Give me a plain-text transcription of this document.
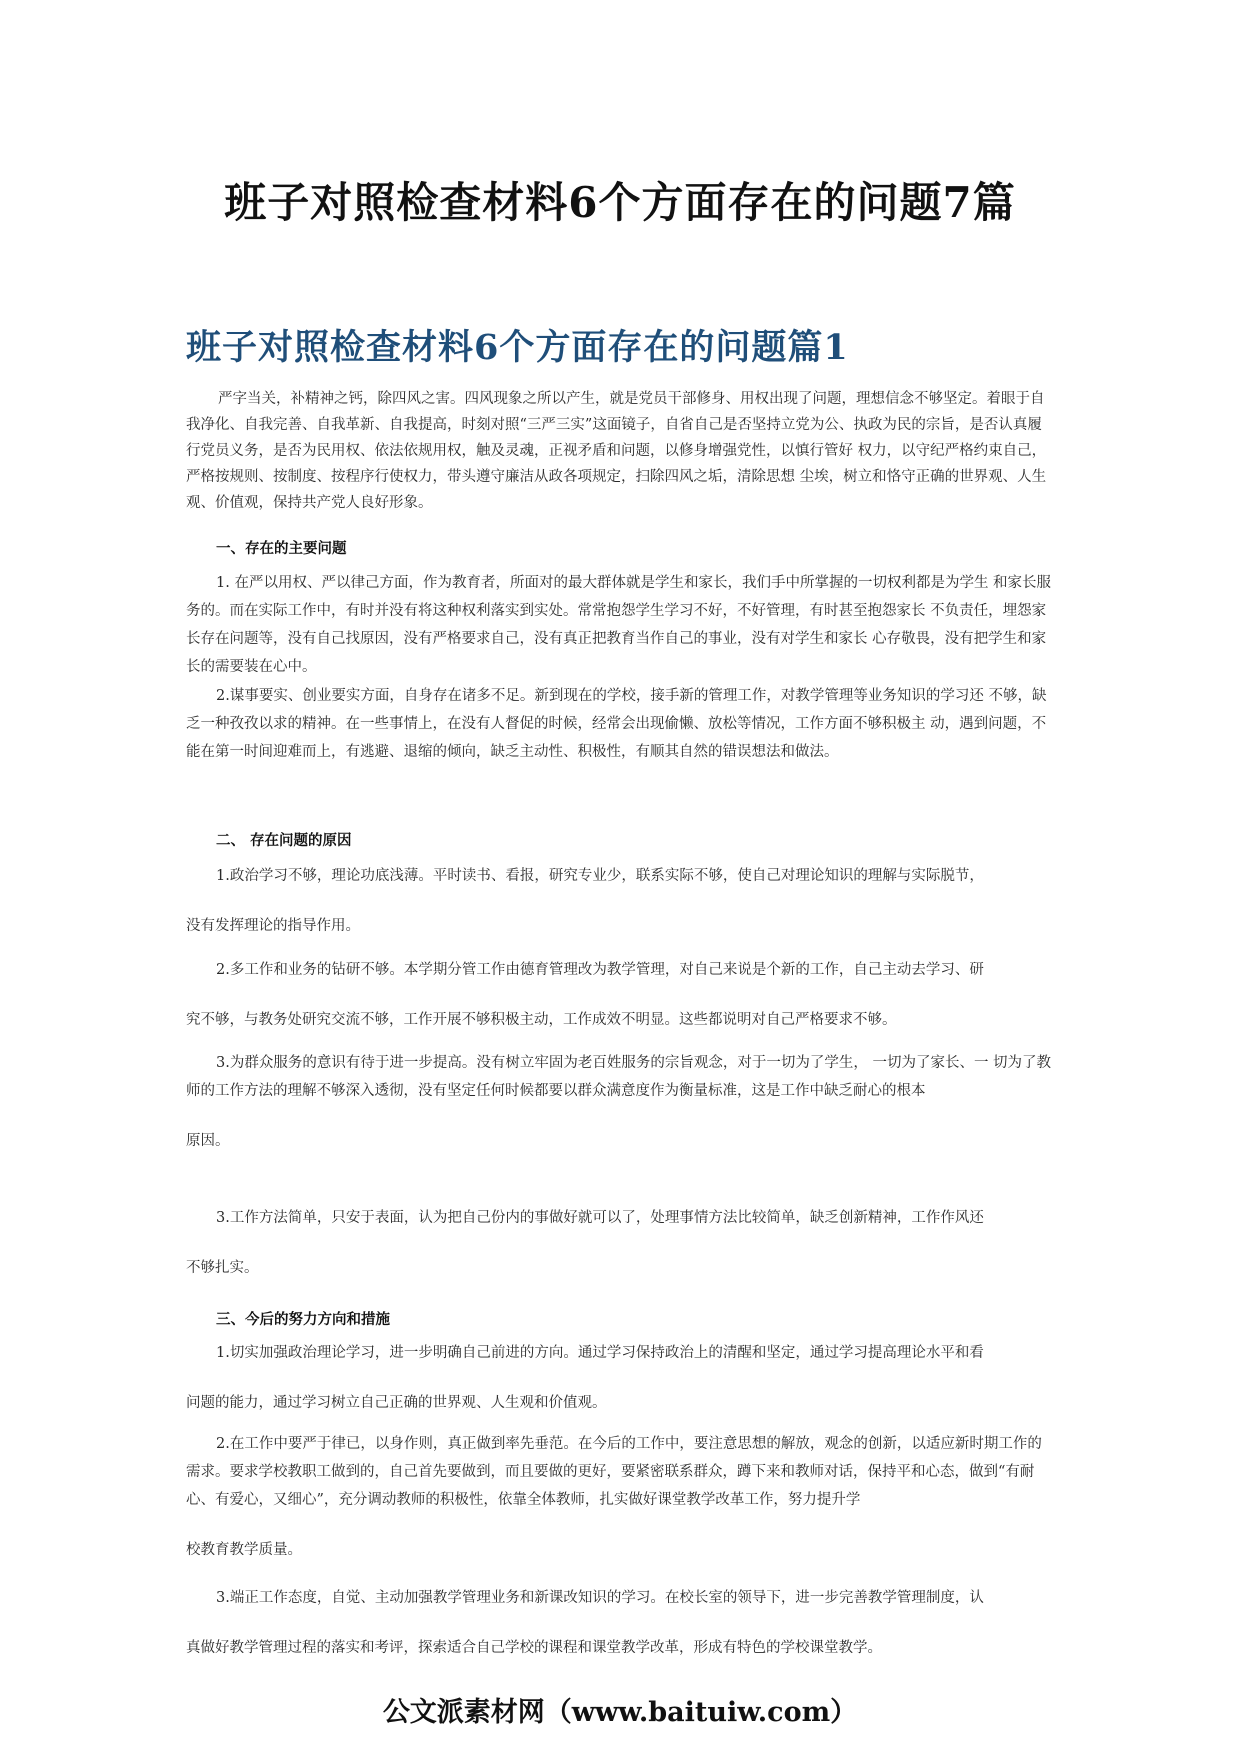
班子对照检查材料6个方面存在的问题7篇
班子对照检查材料6个方面存在的问题篇1

严字当关，补精神之钙，除四风之害。四风现象之所以产生，就是党员干部修身、用权出现了问题，理想信念不够坚定。着眼于自我净化、自我完善、自我革新、自我提高，时刻对照“三严三实”这面镜子，自省自己是否坚持立党为公、执政为民的宗旨，是否认真履行党员义务，是否为民用权、依法依规用权，触及灵魂，正视矛盾和问题，以修身增强党性，以慎行管好 权力，以守纪严格约束自己，严格按规则、按制度、按程序行使权力，带头遵守廉洁从政各项规定，扫除四风之垢，清除思想 尘埃，树立和恪守正确的世界观、人生观、价值观，保持共产党人良好形象。

一、存在的主要问题

1. 在严以用权、严以律己方面，作为教育者，所面对的最大群体就是学生和家长，我们手中所掌握的一切权利都是为学生 和家长服务的。而在实际工作中，有时并没有将这种权利落实到实处。常常抱怨学生学习不好，不好管理，有时甚至抱怨家长 不负责任，埋怨家长存在问题等，没有自己找原因，没有严格要求自己，没有真正把教育当作自己的事业，没有对学生和家长 心存敬畏，没有把学生和家长的需要装在心中。

2.谋事要实、创业要实方面，自身存在诸多不足。新到现在的学校，接手新的管理工作，对教学管理等业务知识的学习还 不够，缺乏一种孜孜以求的精神。在一些事情上，在没有人督促的时候，经常会出现偷懒、放松等情况，工作方面不够积极主 动，遇到问题，不能在第一时间迎难而上，有逃避、退缩的倾向，缺乏主动性、积极性，有顺其自然的错误想法和做法。

二、 存在问题的原因

1.政治学习不够，理论功底浅薄。平时读书、看报，研究专业少，联系实际不够，使自己对理论知识的理解与实际脱节，
没有发挥理论的指导作用。

2.多工作和业务的钻研不够。本学期分管工作由德育管理改为教学管理，对自己来说是个新的工作，自己主动去学习、研
究不够，与教务处研究交流不够，工作开展不够积极主动，工作成效不明显。这些都说明对自己严格要求不够。

3.为群众服务的意识有待于进一步提高。没有树立牢固为老百姓服务的宗旨观念，对于一切为了学生， 一切为了家长、一 切为了教师的工作方法的理解不够深入透彻，没有坚定任何时候都要以群众满意度作为衡量标准，这是工作中缺乏耐心的根本
原因。

3.工作方法简单，只安于表面，认为把自己份内的事做好就可以了，处理事情方法比较简单，缺乏创新精神，工作作风还
不够扎实。

三、今后的努力方向和措施

1.切实加强政治理论学习，进一步明确自己前进的方向。通过学习保持政治上的清醒和坚定，通过学习提高理论水平和看
问题的能力，通过学习树立自己正确的世界观、人生观和价值观。

2.在工作中要严于律已，以身作则，真正做到率先垂范。在今后的工作中，要注意思想的解放，观念的创新，以适应新时期工作的需求。要求学校教职工做到的，自己首先要做到，而且要做的更好，要紧密联系群众，蹲下来和教师对话，保持平和心态，做到“有耐心、有爱心，又细心”，充分调动教师的积极性，依靠全体教师，扎实做好课堂教学改革工作，努力提升学
校教育教学质量。

3.端正工作态度，自觉、主动加强教学管理业务和新课改知识的学习。在校长室的领导下，进一步完善教学管理制度，认
真做好教学管理过程的落实和考评，探索适合自己学校的课程和课堂教学改革，形成有特色的学校课堂教学。

公文派素材网（www.baituiw.com）
